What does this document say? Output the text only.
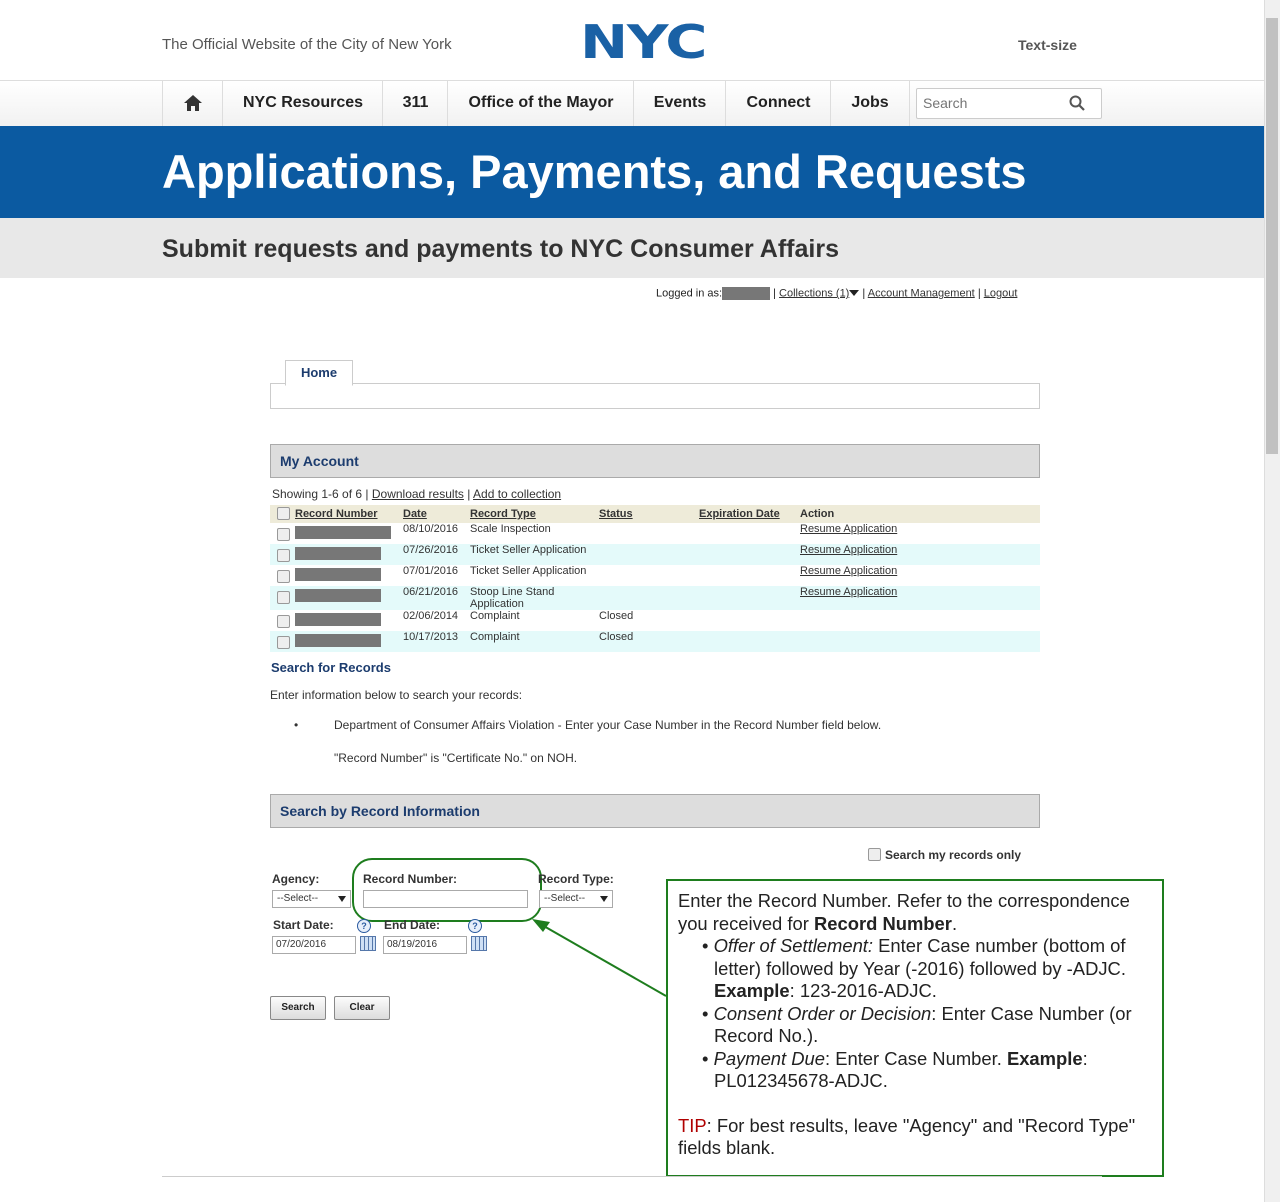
The Official Website of the City of New York	NYC	Text-size
NYC Resources	311	Office of the Mayor	Events	Connect	Jobs
Search
Applications, Payments, and Requests
Submit requests and payments to NYC Consumer Affairs
Logged in as:	| Collections (1) | Account Management | Logout
Home
My Account
Showing 1-6 of 6 | Download results | Add to collection
	Record Number	Date	Record Type	Status	Expiration Date	Action
		08/10/2016	Scale Inspection			Resume Application
		07/26/2016	Ticket Seller Application			Resume Application
		07/01/2016	Ticket Seller Application			Resume Application
		06/21/2016	Stoop Line Stand Application			Resume Application
		02/06/2014	Complaint	Closed		
		10/17/2013	Complaint	Closed		
Search for Records
Enter information below to search your records:
•	Department of Consumer Affairs Violation - Enter your Case Number in the Record Number field below.
"Record Number" is "Certificate No." on NOH.
Search by Record Information
Search my records only
Agency:
--Select--
Record Number:	Record Type:
--Select--
Start Date:	?
07/20/2016
End Date:	?
08/19/2016
Search	Clear
Enter the Record Number. Refer to the correspondence you received for Record Number.
• Offer of Settlement: Enter Case number (bottom of letter) followed by Year (-2016) followed by -ADJC. Example: 123-2016-ADJC.
• Consent Order or Decision: Enter Case Number (or Record No.).
• Payment Due: Enter Case Number. Example: PL012345678-ADJC.
TIP: For best results, leave "Agency" and "Record Type" fields blank.
